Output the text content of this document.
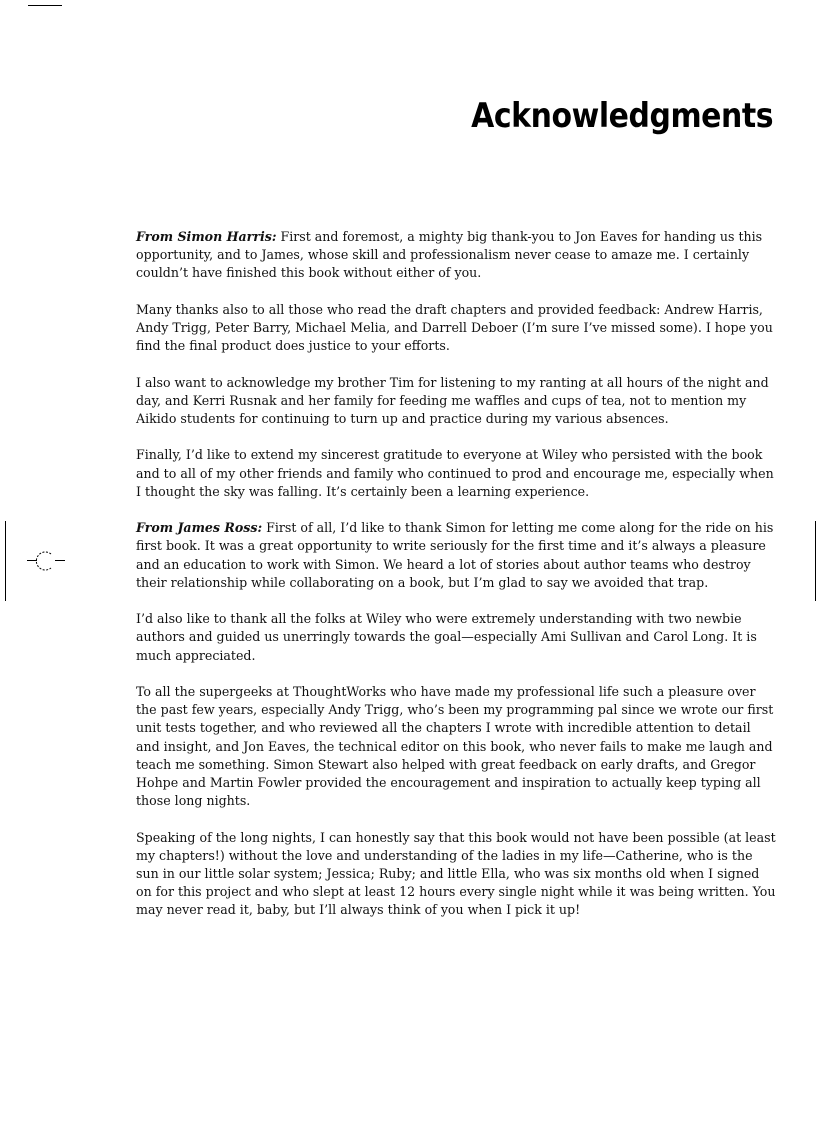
Acknowledgments

From Simon Harris: First and foremost, a mighty big thank-you to Jon Eaves for handing us this opportunity, and to James, whose skill and professionalism never cease to amaze me. I certainly couldn’t have finished this book without either of you.

Many thanks also to all those who read the draft chapters and provided feedback: Andrew Harris, Andy Trigg, Peter Barry, Michael Melia, and Darrell Deboer (I’m sure I’ve missed some). I hope you find the final product does justice to your efforts.

I also want to acknowledge my brother Tim for listening to my ranting at all hours of the night and day, and Kerri Rusnak and her family for feeding me waffles and cups of tea, not to mention my Aikido students for continuing to turn up and practice during my various absences.

Finally, I’d like to extend my sincerest gratitude to everyone at Wiley who persisted with the book and to all of my other friends and family who continued to prod and encourage me, especially when I thought the sky was falling. It’s certainly been a learning experience.

From James Ross: First of all, I’d like to thank Simon for letting me come along for the ride on his first book. It was a great opportunity to write seriously for the first time and it’s always a pleasure and an education to work with Simon. We heard a lot of stories about author teams who destroy their relationship while collaborating on a book, but I’m glad to say we avoided that trap.

I’d also like to thank all the folks at Wiley who were extremely understanding with two newbie authors and guided us unerringly towards the goal—especially Ami Sullivan and Carol Long. It is much appreciated.

To all the supergeeks at ThoughtWorks who have made my professional life such a pleasure over the past few years, especially Andy Trigg, who’s been my programming pal since we wrote our first unit tests together, and who reviewed all the chapters I wrote with incredible attention to detail and insight, and Jon Eaves, the technical editor on this book, who never fails to make me laugh and teach me something. Simon Stewart also helped with great feedback on early drafts, and Gregor Hohpe and Martin Fowler provided the encouragement and inspiration to actually keep typing all those long nights.

Speaking of the long nights, I can honestly say that this book would not have been possible (at least my chapters!) without the love and understanding of the ladies in my life—Catherine, who is the sun in our little solar system; Jessica; Ruby; and little Ella, who was six months old when I signed on for this project and who slept at least 12 hours every single night while it was being written. You may never read it, baby, but I’ll always think of you when I pick it up!
